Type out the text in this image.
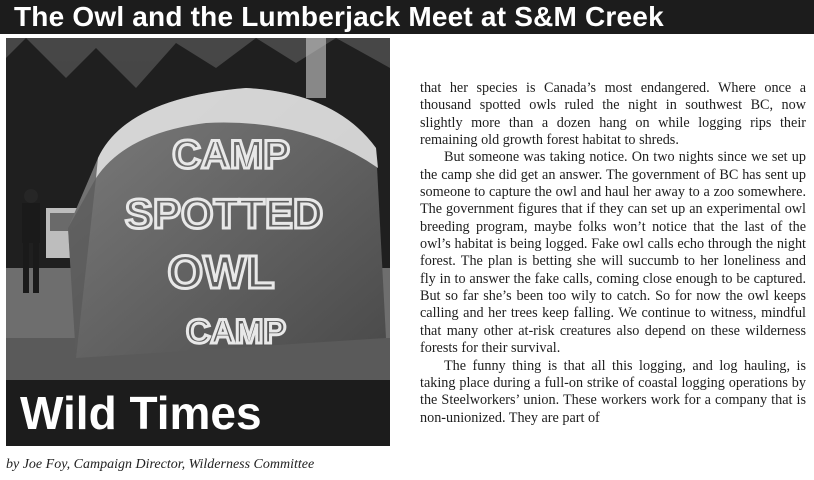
The Owl and the Lumberjack Meet at S&M Creek
CAMP
SPOTTED
OWL
CAMP
Wild Times
by Joe Foy, Campaign Director, Wilderness Committee

that her species is Canada’s most endangered. Where once a thousand spotted owls ruled the night in southwest BC, now slightly more than a dozen hang on while logging rips their remaining old growth forest habitat to shreds.

But someone was taking notice. On two nights since we set up the camp she did get an answer. The government of BC has sent up someone to capture the owl and haul her away to a zoo somewhere. The government figures that if they can set up an experimental owl breeding program, maybe folks won’t notice that the last of the owl’s habitat is being logged. Fake owl calls echo through the night forest. The plan is betting she will succumb to her loneliness and fly in to answer the fake calls, coming close enough to be captured. But so far she’s been too wily to catch. So for now the owl keeps calling and her trees keep falling. We continue to witness, mindful that many other at-risk creatures also depend on these wilderness forests for their survival.

The funny thing is that all this logging, and log hauling, is taking place during a full-on strike of coastal logging operations by the Steelworkers’ union. These workers work for a company that is non-unionized. They are part of
